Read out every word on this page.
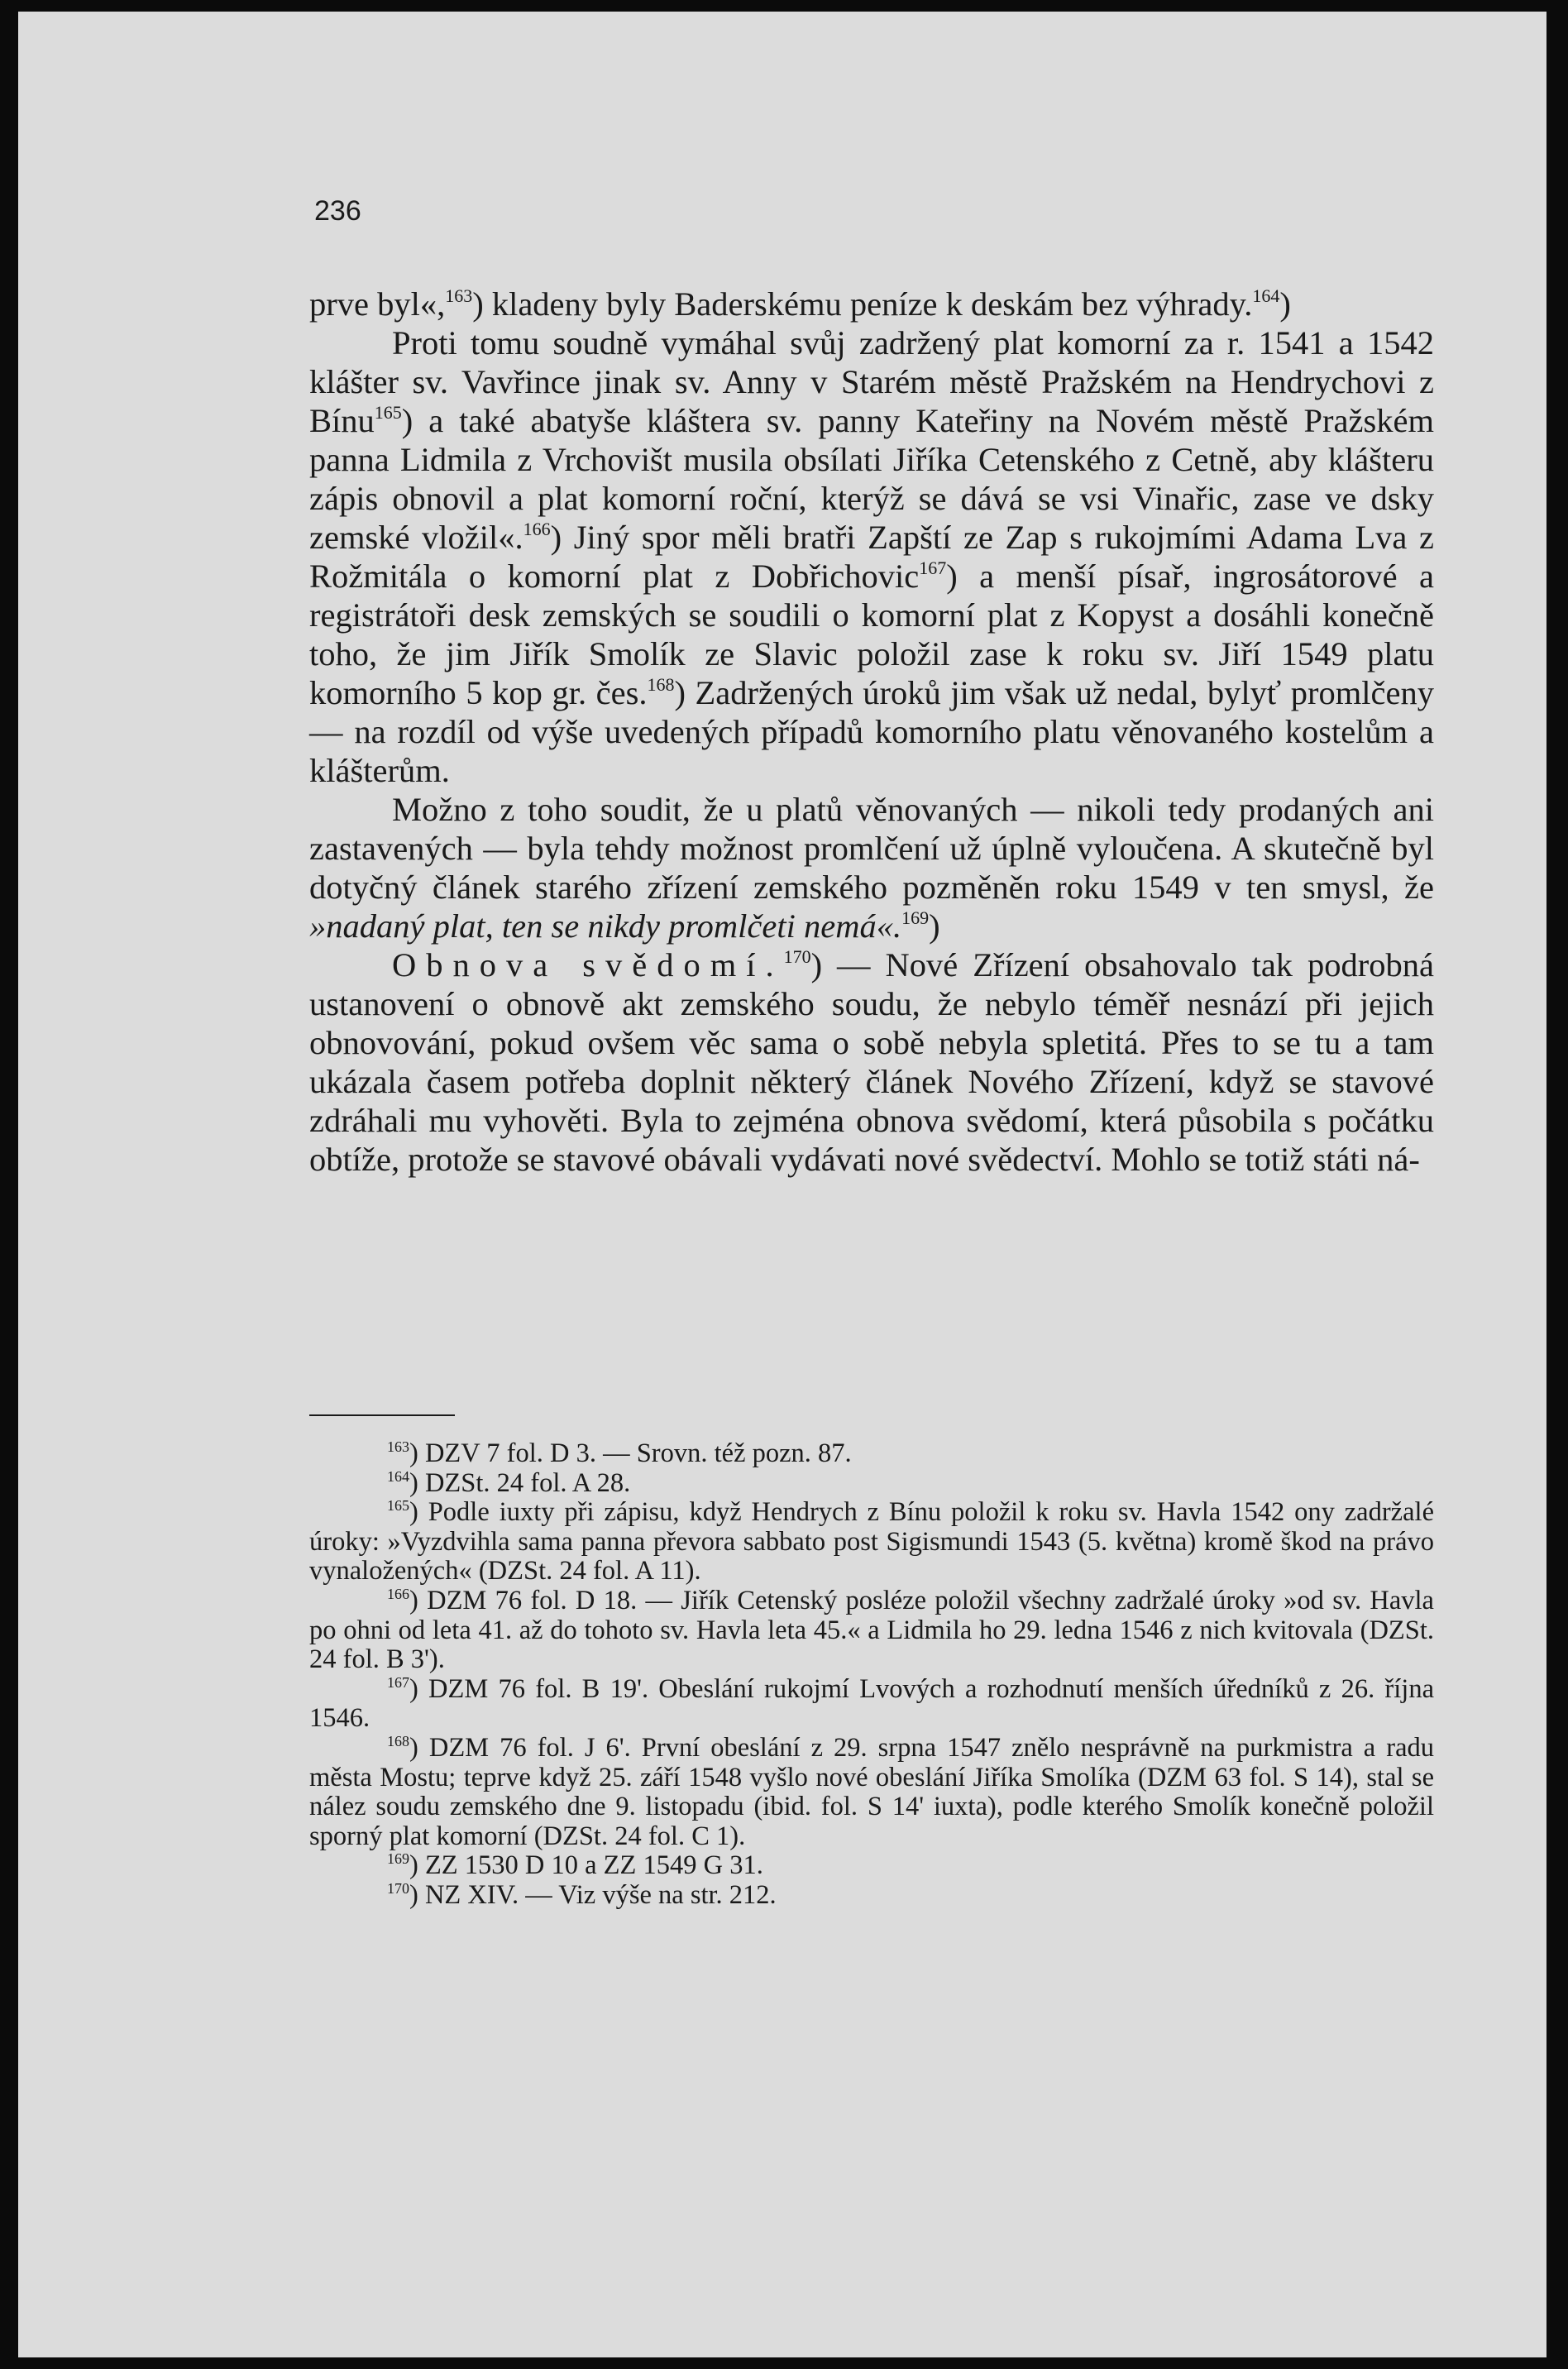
236

prve byl«,$^{163}$) kladeny byly Baderskému peníze k deskám bez výhrady.$^{164}$)

Proti tomu soudně vymáhal svůj zadržený plat komorní za r. 1541 a 1542 klášter sv. Vavřince jinak sv. Anny v Starém městě Pražském na Hendrychovi z Bínu$^{165}$) a také abatyše kláštera sv. panny Kateřiny na Novém městě Pražském panna Lidmila z Vrchovišt musila obsílati Jiříka Cetenského z Cetně, aby klášteru zápis obnovil a plat komorní roční, kterýž se dává se vsi Vinařic, zase ve dsky zemské vložil«.$^{166}$) Jiný spor měli bratři Zapští ze Zap s rukojmími Adama Lva z Rožmitála o komorní plat z Dobřichovic$^{167}$) a menší písař, ingrosátorové a registrátoři desk zemských se soudili o komorní plat z Kopyst a dosáhli konečně toho, že jim Jiřík Smolík ze Slavic položil zase k roku sv. Jiří 1549 platu komorního 5 kop gr. čes.$^{168}$) Zadržených úroků jim však už nedal, bylyť promlčeny — na rozdíl od výše uvedených případů komorního platu věnovaného kostelům a klášterům.

Možno z toho soudit, že u platů věnovaných — nikoli tedy prodaných ani zastavených — byla tehdy možnost promlčení už úplně vyloučena. A skutečně byl dotyčný článek starého zřízení zemského pozměněn roku 1549 v ten smysl, že »nadaný plat, ten se nikdy promlčeti nemá«.$^{169}$)

Obnova svědomí.$^{170}$) — Nové Zřízení obsahovalo tak podrobná ustanovení o obnově akt zemského soudu, že nebylo téměř nesnází při jejich obnovování, pokud ovšem věc sama o sobě nebyla spletitá. Přes to se tu a tam ukázala časem potřeba doplnit některý článek Nového Zřízení, když se stavové zdráhali mu vyhověti. Byla to zejména obnova svědomí, která působila s počátku obtíže, protože se stavové obávali vydávati nové svědectví. Mohlo se totiž státi ná-

$^{163}$) DZV 7 fol. D 3. — Srovn. též pozn. 87.

$^{164}$) DZSt. 24 fol. A 28.

$^{165}$) Podle iuxty při zápisu, když Hendrych z Bínu položil k roku sv. Havla 1542 ony zadržalé úroky: »Vyzdvihla sama panna převora sabbato post Sigismundi 1543 (5. května) kromě škod na právo vynaložených« (DZSt. 24 fol. A 11).

$^{166}$) DZM 76 fol. D 18. — Jiřík Cetenský posléze položil všechny zadržalé úroky »od sv. Havla po ohni od leta 41. až do tohoto sv. Havla leta 45.« a Lidmila ho 29. ledna 1546 z nich kvitovala (DZSt. 24 fol. B 3').

$^{167}$) DZM 76 fol. B 19'. Obeslání rukojmí Lvových a rozhodnutí menších úředníků z 26. října 1546.

$^{168}$) DZM 76 fol. J 6'. První obeslání z 29. srpna 1547 znělo nesprávně na purkmistra a radu města Mostu; teprve když 25. září 1548 vyšlo nové obeslání Jiříka Smolíka (DZM 63 fol. S 14), stal se nález soudu zemského dne 9. listopadu (ibid. fol. S 14' iuxta), podle kterého Smolík konečně položil sporný plat komorní (DZSt. 24 fol. C 1).

$^{169}$) ZZ 1530 D 10 a ZZ 1549 G 31.

$^{170}$) NZ XIV. — Viz výše na str. 212.
